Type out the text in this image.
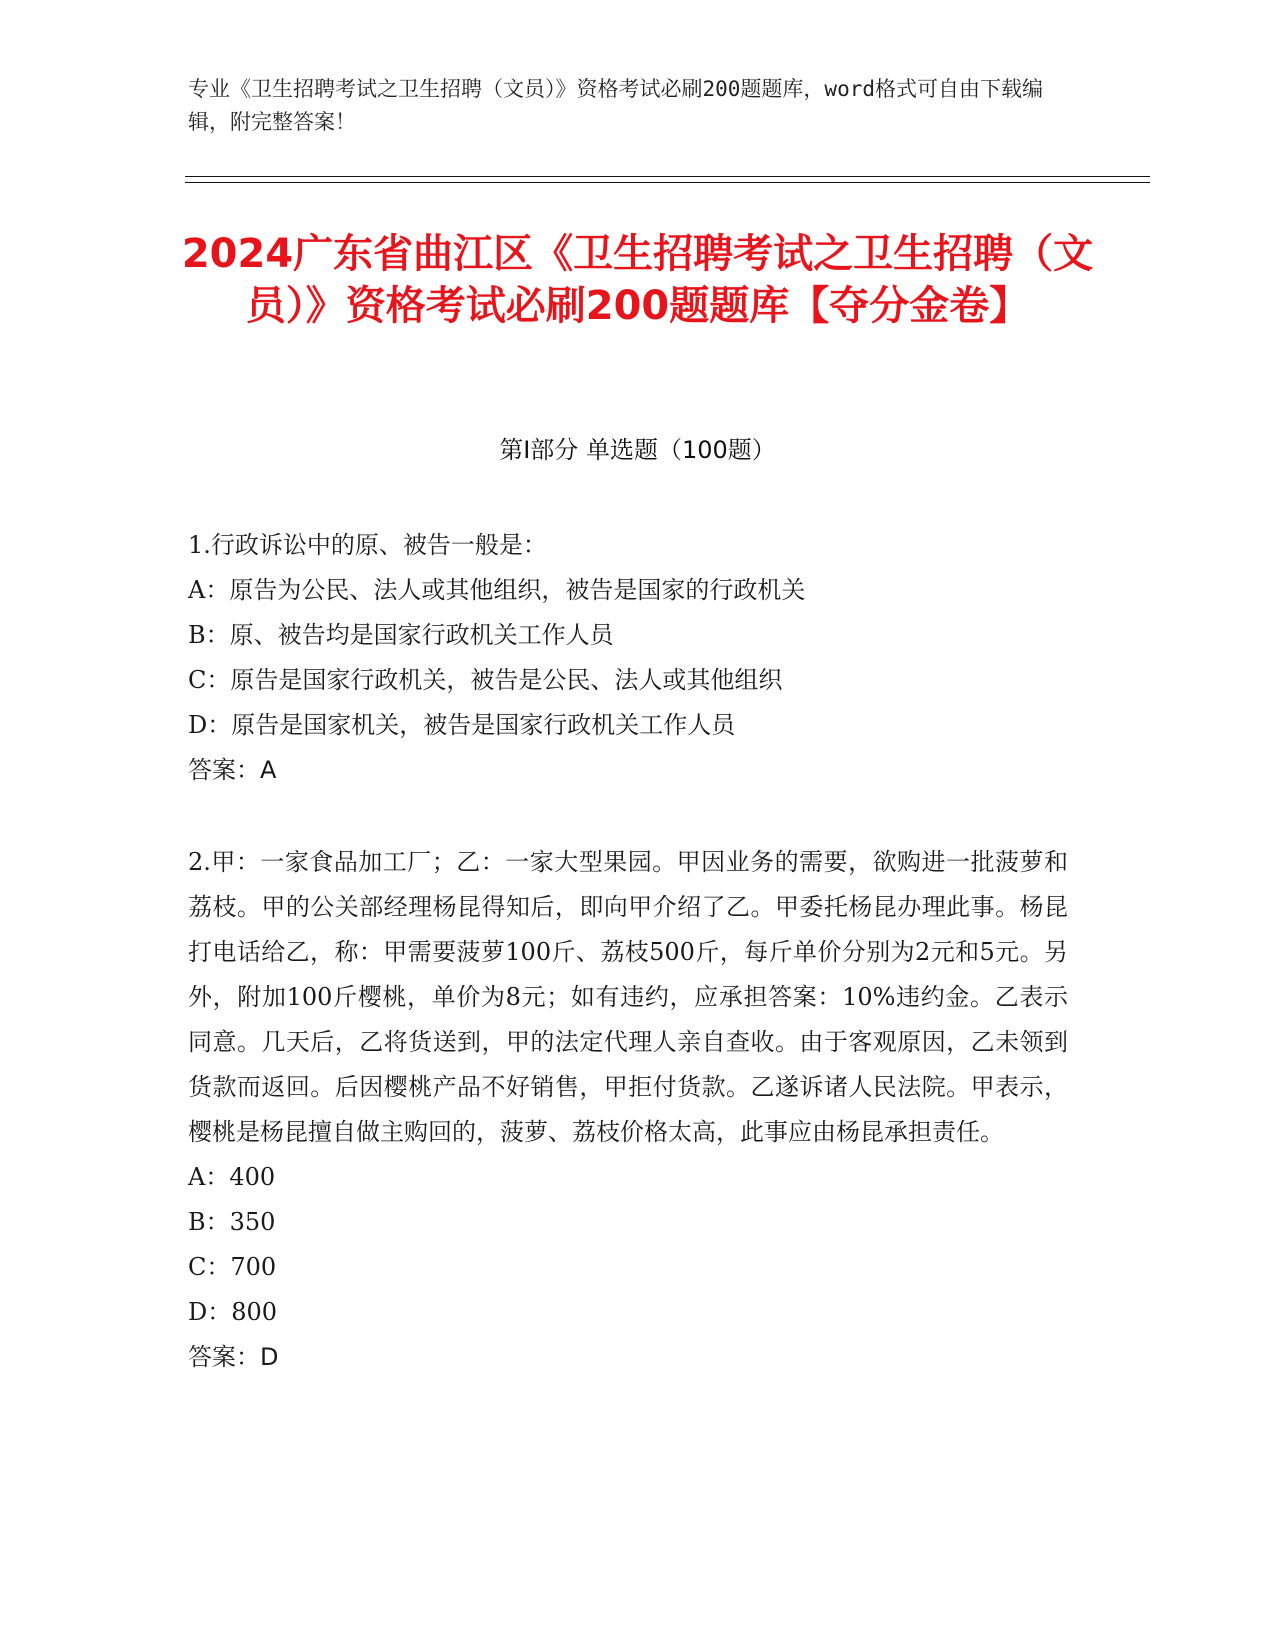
专业《卫生招聘考试之卫生招聘（文员）》资格考试必刷200题题库，word格式可自由下载编辑，附完整答案！
2024广东省曲江区《卫生招聘考试之卫生招聘（文员）》资格考试必刷200题题库【夺分金卷】
第I部分 单选题（100题）

1.行政诉讼中的原、被告一般是：

A：原告为公民、法人或其他组织，被告是国家的行政机关

B：原、被告均是国家行政机关工作人员

C：原告是国家行政机关，被告是公民、法人或其他组织

D：原告是国家机关，被告是国家行政机关工作人员

答案：A

2.甲：一家食品加工厂；乙：一家大型果园。甲因业务的需要，欲购进一批菠萝和荔枝。甲的公关部经理杨昆得知后，即向甲介绍了乙。甲委托杨昆办理此事。杨昆打电话给乙，称：甲需要菠萝100斤、荔枝500斤，每斤单价分别为2元和5元。另外，附加100斤樱桃，单价为8元；如有违约，应承担答案：10%违约金。乙表示同意。几天后，乙将货送到，甲的法定代理人亲自查收。由于客观原因，乙未领到货款而返回。后因樱桃产品不好销售，甲拒付货款。乙遂诉诸人民法院。甲表示，樱桃是杨昆擅自做主购回的，菠萝、荔枝价格太高，此事应由杨昆承担责任。

A：400

B：350

C：700

D：800

答案：D
